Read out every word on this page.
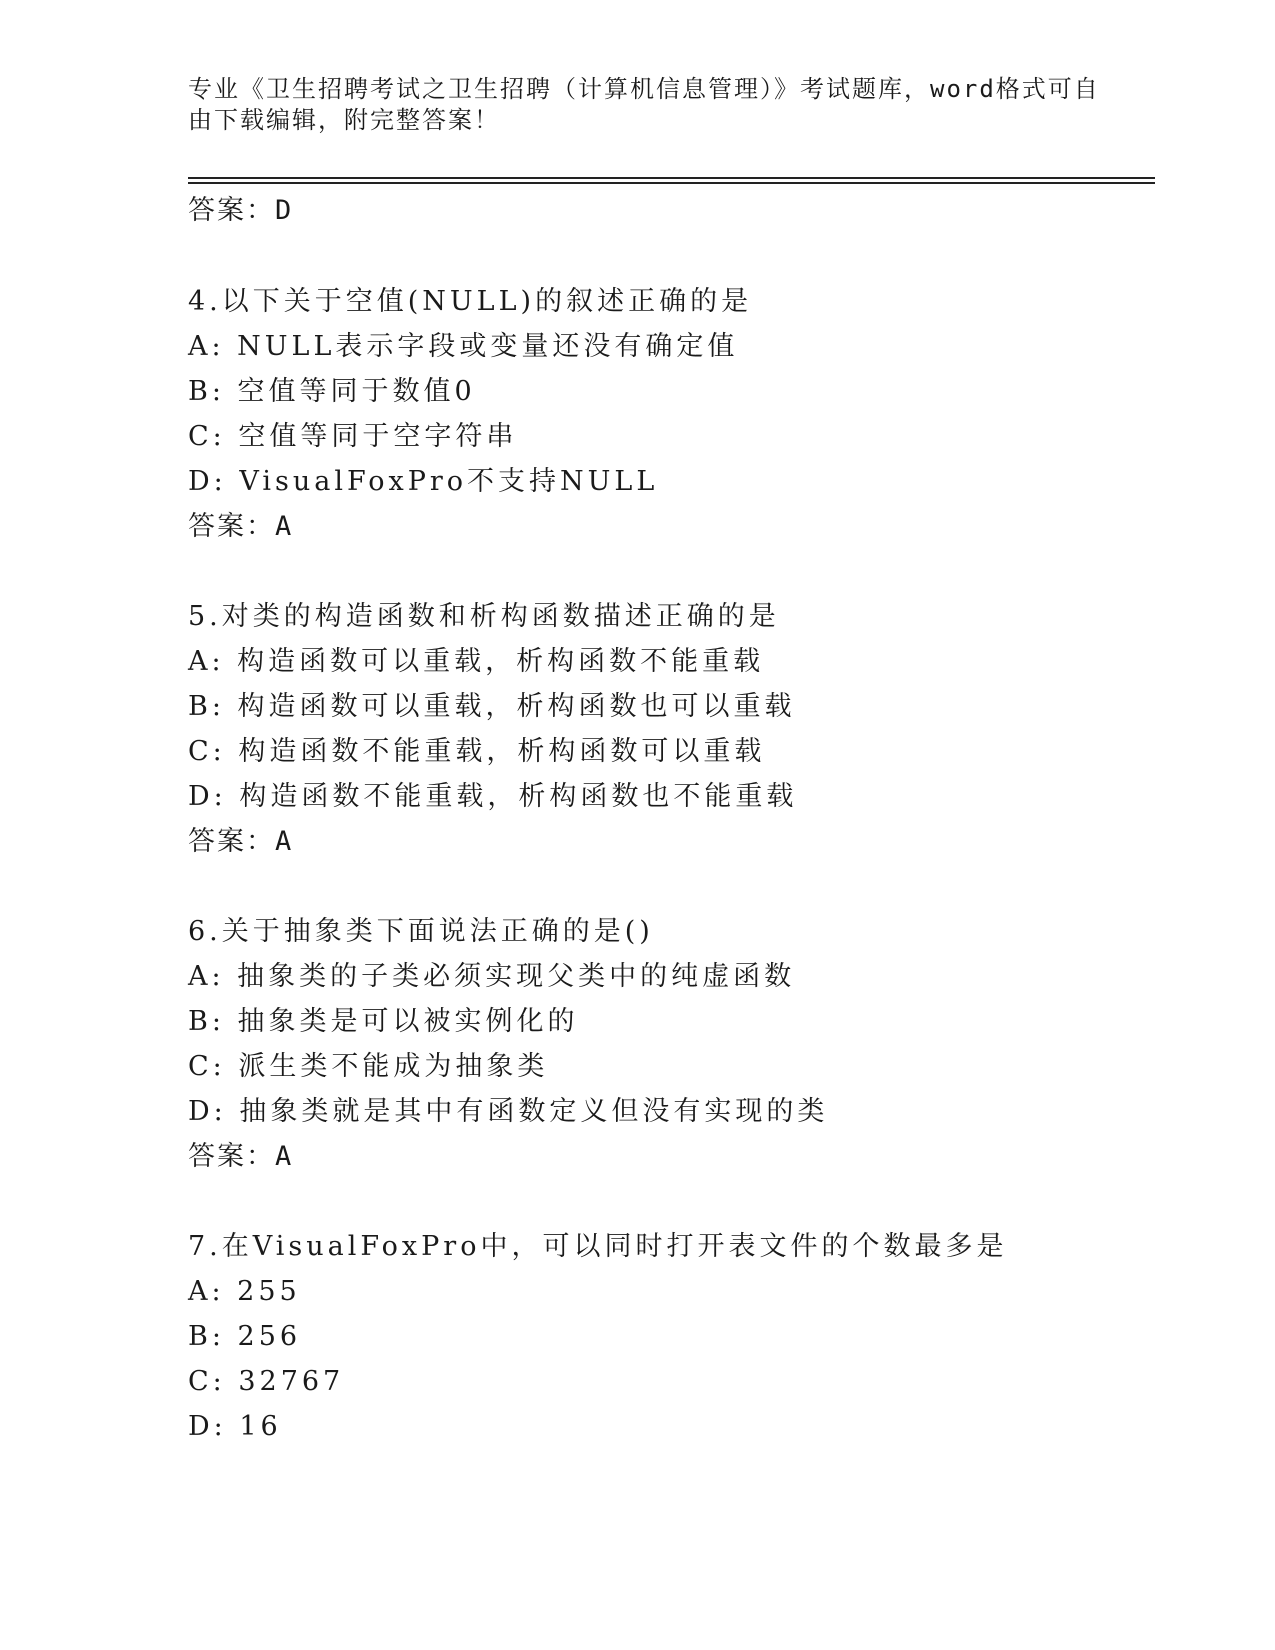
专业《卫生招聘考试之卫生招聘（计算机信息管理）》考试题库，word格式可自
由下载编辑，附完整答案！
答案：D
4.以下关于空值(NULL)的叙述正确的是
A: NULL表示字段或变量还没有确定值
B: 空值等同于数值0
C: 空值等同于空字符串
D: VisualFoxPro不支持NULL
答案：A
5.对类的构造函数和析构函数描述正确的是
A: 构造函数可以重载，析构函数不能重载
B: 构造函数可以重载，析构函数也可以重载
C: 构造函数不能重载，析构函数可以重载
D: 构造函数不能重载，析构函数也不能重载
答案：A
6.关于抽象类下面说法正确的是()
A: 抽象类的子类必须实现父类中的纯虚函数
B: 抽象类是可以被实例化的
C: 派生类不能成为抽象类
D: 抽象类就是其中有函数定义但没有实现的类
答案：A
7.在VisualFoxPro中，可以同时打开表文件的个数最多是
A: 255
B: 256
C: 32767
D: 16
